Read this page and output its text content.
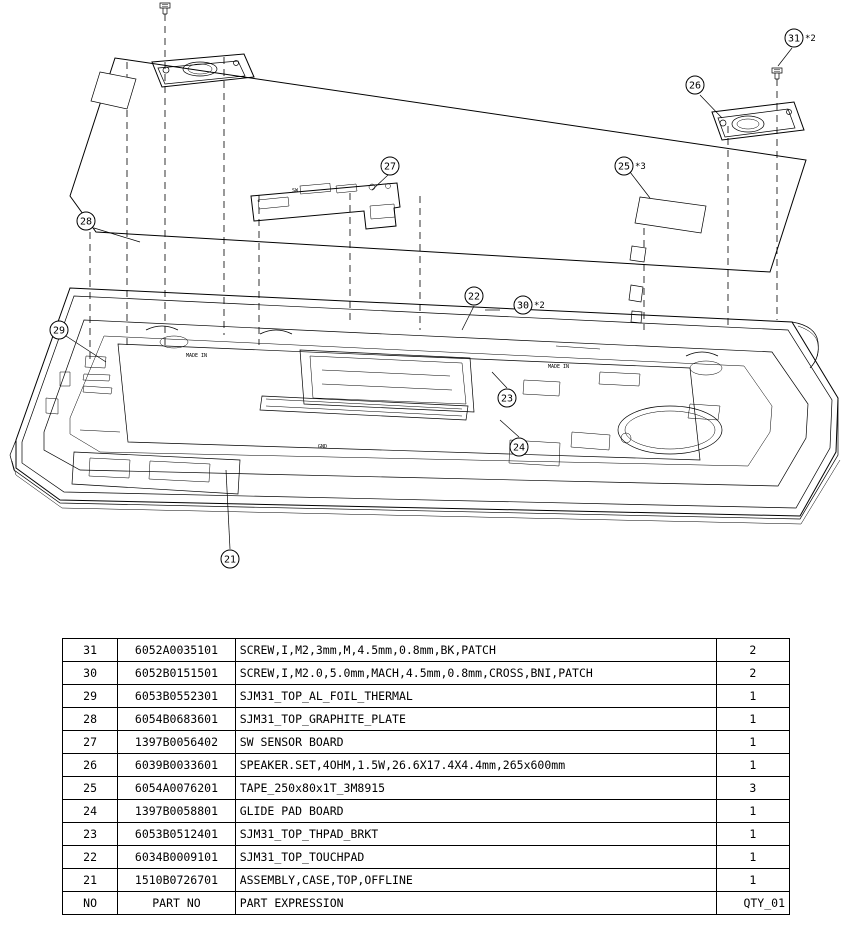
SW
MADE IN
MADE IN
GND
21
22
23
24
25 *3
26
27
28
29
30 *2
31 *2
31	6052A0035101	SCREW,I,M2,3mm,M,4.5mm,0.8mm,BK,PATCH	2
30	6052B0151501	SCREW,I,M2.0,5.0mm,MACH,4.5mm,0.8mm,CROSS,BNI,PATCH	2
29	6053B0552301	SJM31_TOP_AL_FOIL_THERMAL	1
28	6054B0683601	SJM31_TOP_GRAPHITE_PLATE	1
27	1397B0056402	SW SENSOR BOARD	1
26	6039B0033601	SPEAKER.SET,4OHM,1.5W,26.6X17.4X4.4mm,265x600mm	1
25	6054A0076201	TAPE_250x80x1T_3M8915	3
24	1397B0058801	GLIDE PAD BOARD	1
23	6053B0512401	SJM31_TOP_THPAD_BRKT	1
22	6034B0009101	SJM31_TOP_TOUCHPAD	1
21	1510B0726701	ASSEMBLY,CASE,TOP,OFFLINE	1
NO	PART NO	PART EXPRESSION	QTY_01
